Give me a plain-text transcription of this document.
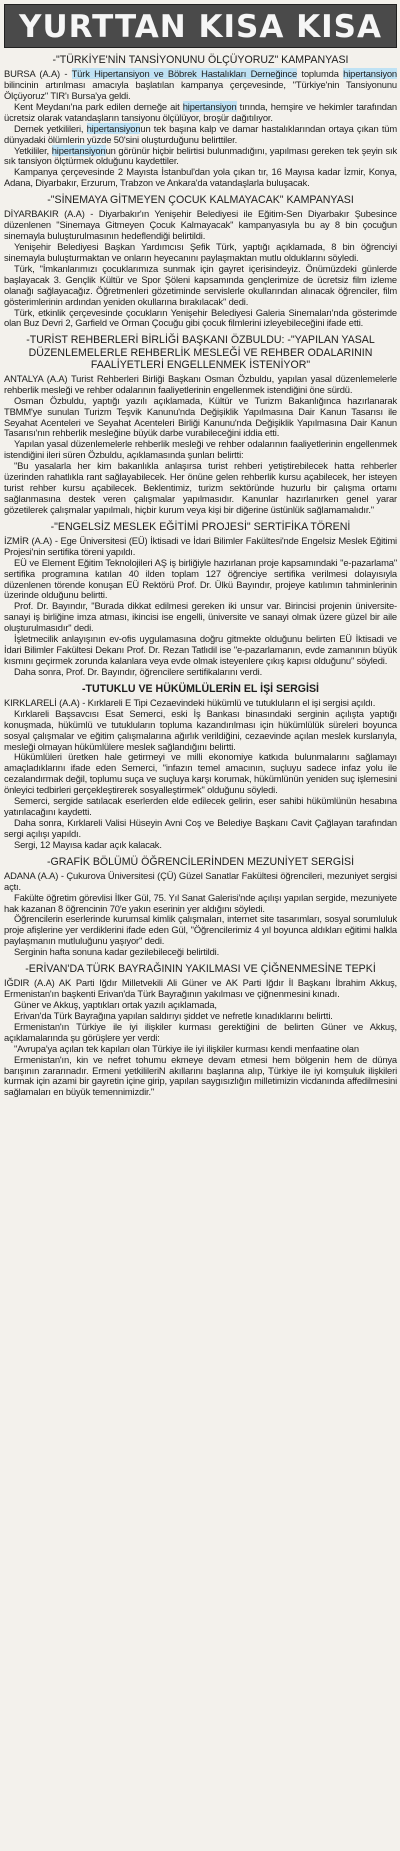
YURTTAN KISA KISA
-"TÜRKİYE'NİN TANSİYONUNU ÖLÇÜYORUZ" KAMPANYASI

BURSA (A.A) - Türk Hipertansiyon ve Böbrek Hastalıkları Derneğince toplumda hipertansiyon bilincinin artırılması amacıyla başlatılan kampanya çerçevesinde, "Türkiye'nin Tansiyonunu Ölçüyoruz" TIR'ı Bursa'ya geldi.

Kent Meydanı'na park edilen derneğe ait hipertansiyon tırında, hemşire ve hekimler tarafından ücretsiz olarak vatandaşların tansiyonu ölçülüyor, broşür dağıtılıyor.

Dernek yetkilileri, hipertansiyonun tek başına kalp ve damar hastalıklarından ortaya çıkan tüm dünyadaki ölümlerin yüzde 50'sini oluşturduğunu belirttiler.

Yetkililer, hipertansiyonun görünür hiçbir belirtisi bulunmadığını, yapılması gereken tek şeyin sık sık tansiyon ölçtürmek olduğunu kaydettiler.

Kampanya çerçevesinde 2 Mayısta İstanbul'dan yola çıkan tır, 16 Mayısa kadar İzmir, Konya, Adana, Diyarbakır, Erzurum, Trabzon ve Ankara'da vatandaşlarla buluşacak.

-"SİNEMAYA GİTMEYEN ÇOCUK KALMAYACAK" KAMPANYASI

DİYARBAKIR (A.A) - Diyarbakır'ın Yenişehir Belediyesi ile Eğitim-Sen Diyarbakır Şubesince düzenlenen "Sinemaya Gitmeyen Çocuk Kalmayacak" kampanyasıyla bu ay 8 bin çocuğun sinemayla buluşturulmasının hedeflendiği belirtildi.

Yenişehir Belediyesi Başkan Yardımcısı Şefik Türk, yaptığı açıklamada, 8 bin öğrenciyi sinemayla buluşturmaktan ve onların heyecanını paylaşmaktan mutlu olduklarını söyledi.

Türk, "İmkanlarımızı çocuklarımıza sunmak için gayret içerisindeyiz. Önümüzdeki günlerde başlayacak 3. Gençlik Kültür ve Spor Şöleni kapsamında gençlerimize de ücretsiz film izleme olanağı sağlayacağız. Öğretmenleri gözetiminde servislerle okullarından alınacak öğrenciler, film gösterimlerinin ardından yeniden okullarına bırakılacak" dedi.

Türk, etkinlik çerçevesinde çocukların Yenişehir Belediyesi Galeria Sinemaları'nda gösterimde olan Buz Devri 2, Garfield ve Orman Çocuğu gibi çocuk filmlerini izleyebileceğini ifade etti.

-TURİST REHBERLERİ BİRLİĞİ BAŞKANI ÖZBULDU: -"YAPILAN YASAL DÜZENLEMELERLE REHBERLİK MESLEĞİ VE REHBER ODALARININ FAALİYETLERİ ENGELLENMEK İSTENİYOR"

ANTALYA (A.A) Turist Rehberleri Birliği Başkanı Osman Özbuldu, yapılan yasal düzenlemelerle rehberlik mesleği ve rehber odalarının faaliyetlerinin engellenmek istendiğini öne sürdü.

Osman Özbuldu, yaptığı yazılı açıklamada, Kültür ve Turizm Bakanlığınca hazırlanarak TBMM'ye sunulan Turizm Teşvik Kanunu'nda Değişiklik Yapılmasına Dair Kanun Tasarısı ile Seyahat Acenteleri ve Seyahat Acenteleri Birliği Kanunu'nda Değişiklik Yapılmasına Dair Kanun Tasarısı'nın rehberlik mesleğine büyük darbe vurabileceğini iddia etti.

Yapılan yasal düzenlemelerle rehberlik mesleği ve rehber odalarının faaliyetlerinin engellenmek istendiğini ileri süren Özbuldu, açıklamasında şunları belirtti:

"Bu yasalarla her kim bakanlıkla anlaşırsa turist rehberi yetiştirebilecek hatta rehberler üzerinden rahatlıkla rant sağlayabilecek. Her önüne gelen rehberlik kursu açabilecek, her isteyen turist rehber kursu açabilecek. Beklentimiz, turizm sektöründe huzurlu bir çalışma ortamı sağlanmasına destek veren çalışmalar yapılmasıdır. Kanunlar hazırlanırken genel yarar gözetilerek çalışmalar yapılmalı, hiçbir kurum veya kişi bir diğerine üstünlük sağlamamalıdır."

-"ENGELSİZ MESLEK EĞİTİMİ PROJESİ" SERTİFİKA TÖRENİ

İZMİR (A.A) - Ege Üniversitesi (EÜ) İktisadi ve İdari Bilimler Fakültesi'nde Engelsiz Meslek Eğitimi Projesi'nin sertifika töreni yapıldı.

EÜ ve Element Eğitim Teknolojileri AŞ iş birliğiyle hazırlanan proje kapsamındaki "e-pazarlama" sertifika programına katılan 40 ilden toplam 127 öğrenciye sertifika verilmesi dolayısıyla düzenlenen törende konuşan EÜ Rektörü Prof. Dr. Ülkü Bayındır, projeye katılımın tahminlerinin üzerinde olduğunu belirtti.

Prof. Dr. Bayındır, "Burada dikkat edilmesi gereken iki unsur var. Birincisi projenin üniversite-sanayi iş birliğine imza atması, ikincisi ise engelli, üniversite ve sanayi olmak üzere güzel bir aile oluşturulmasıdır" dedi.

İşletmecilik anlayışının ev-ofis uygulamasına doğru gitmekte olduğunu belirten EÜ İktisadi ve İdari Bilimler Fakültesi Dekanı Prof. Dr. Rezan Tatlıdil ise "e-pazarlamanın, evde zamanının büyük kısmını geçirmek zorunda kalanlara veya evde olmak isteyenlere çıkış kapısı olduğunu" söyledi.

Daha sonra, Prof. Dr. Bayındır, öğrencilere sertifikalarını verdi.

-TUTUKLU VE HÜKÜMLÜLERİN EL İŞİ SERGİSİ

KIRKLARELİ (A.A) - Kırklareli E Tipi Cezaevindeki hükümlü ve tutukluların el işi sergisi açıldı.

Kırklareli Başsavcısı Esat Semerci, eski İş Bankası binasındaki serginin açılışta yaptığı konuşmada, hükümlü ve tutukluların topluma kazandırılması için hükümlülük süreleri boyunca sosyal çalışmalar ve eğitim çalışmalarına ağırlık verildiğini, cezaevinde açılan meslek kurslarıyla, mesleği olmayan hükümlülere meslek sağlandığını belirtti.

Hükümlüleri üretken hale getirmeyi ve milli ekonomiye katkıda bulunmalarını sağlamayı amaçladıklarını ifade eden Semerci, "infazın temel amacının, suçluyu sadece infaz yolu ile cezalandırmak değil, toplumu suça ve suçluya karşı korumak, hükümlünün yeniden suç işlemesini önleyici tedbirleri gerçekleştirerek sosyalleştirmek" olduğunu söyledi.

Semerci, sergide satılacak eserlerden elde edilecek gelirin, eser sahibi hükümlünün hesabına yatırılacağını kaydetti.

Daha sonra, Kırklareli Valisi Hüseyin Avni Coş ve Belediye Başkanı Cavit Çağlayan tarafından sergi açılışı yapıldı.

Sergi, 12 Mayısa kadar açık kalacak.

-GRAFİK BÖLÜMÜ ÖĞRENCİLERİNDEN MEZUNİYET SERGİSİ

ADANA (A.A) - Çukurova Üniversitesi (ÇÜ) Güzel Sanatlar Fakültesi öğrencileri, mezuniyet sergisi açtı.

Fakülte öğretim görevlisi İlker Gül, 75. Yıl Sanat Galerisi'nde açılışı yapılan sergide, mezuniyete hak kazanan 8 öğrencinin 70'e yakın eserinin yer aldığını söyledi.

Öğrencilerin eserlerinde kurumsal kimlik çalışmaları, internet site tasarımları, sosyal sorumluluk proje afişlerine yer verdiklerini ifade eden Gül, "Öğrencilerimiz 4 yıl boyunca aldıkları eğitimi halkla paylaşmanın mutluluğunu yaşıyor" dedi.

Serginin hafta sonuna kadar gezilebileceği belirtildi.

-ERİVAN'DA TÜRK BAYRAĞININ YAKILMASI VE ÇİĞNENMESİNE TEPKİ

IĞDIR (A.A) AK Parti Iğdır Milletvekili Ali Güner ve AK Parti Iğdır İl Başkanı İbrahim Akkuş, Ermenistan'ın başkenti Erivan'da Türk Bayrağının yakılması ve çiğnenmesini kınadı.

Güner ve Akkuş, yaptıkları ortak yazılı açıklamada,

Erivan'da Türk Bayrağına yapılan saldırıyı şiddet ve nefretle kınadıklarını belirtti.

Ermenistan'ın Türkiye ile iyi ilişkiler kurması gerektiğini de belirten Güner ve Akkuş, açıklamalarında şu görüşlere yer verdi:

"Avrupa'ya açılan tek kapıları olan Türkiye ile iyi ilişkiler kurması kendi menfaatine olan

Ermenistan'ın, kin ve nefret tohumu ekmeye devam etmesi hem bölgenin hem de dünya barışının zararınadır. Ermeni yetkilileriN akıllarını başlarına alıp, Türkiye ile iyi komşuluk ilişkileri kurmak için azami bir gayretin içine girip, yapılan saygısızlığın milletimizin vicdanında affedilmesini sağlamaları en büyük temennimizdir."
